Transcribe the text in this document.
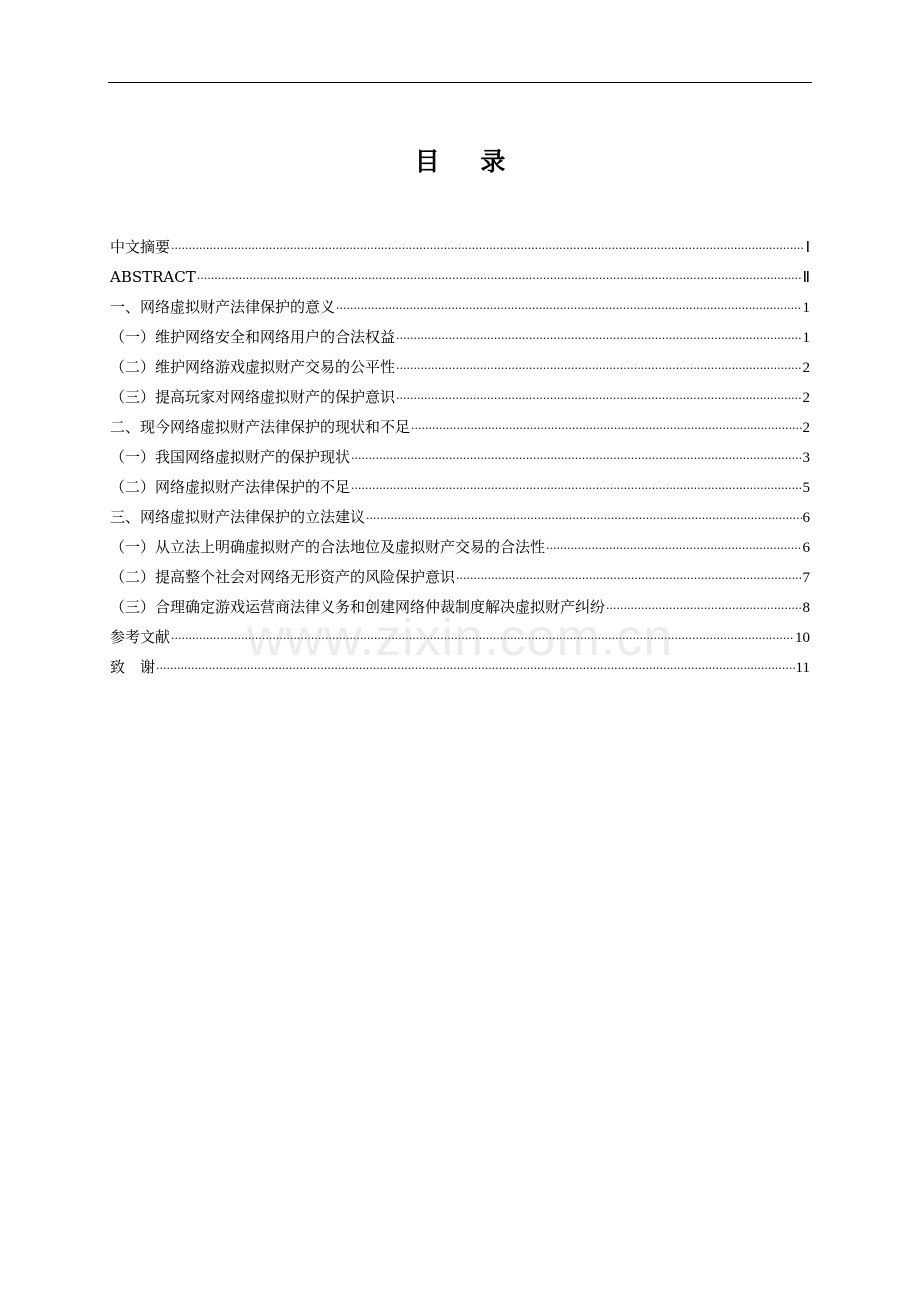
目 录
中文摘要 ·····	Ⅰ
ABSTRACT ·····	Ⅱ
一、网络虚拟财产法律保护的意义 ·····	1
（一）维护网络安全和网络用户的合法权益 ·····	1
（二）维护网络游戏虚拟财产交易的公平性 ·····	2
（三）提高玩家对网络虚拟财产的保护意识 ·····	2
二、现今网络虚拟财产法律保护的现状和不足 ·····	2
（一）我国网络虚拟财产的保护现状 ·····	3
（二）网络虚拟财产法律保护的不足 ·····	5
三、网络虚拟财产法律保护的立法建议 ·····	6
（一）从立法上明确虚拟财产的合法地位及虚拟财产交易的合法性 ·····	6
（二）提高整个社会对网络无形资产的风险保护意识 ·····	7
（三）合理确定游戏运营商法律义务和创建网络仲裁制度解决虚拟财产纠纷 ·····	8
参考文献 ·····	10
致　谢 ·····	11
www.zixin.com.cn
